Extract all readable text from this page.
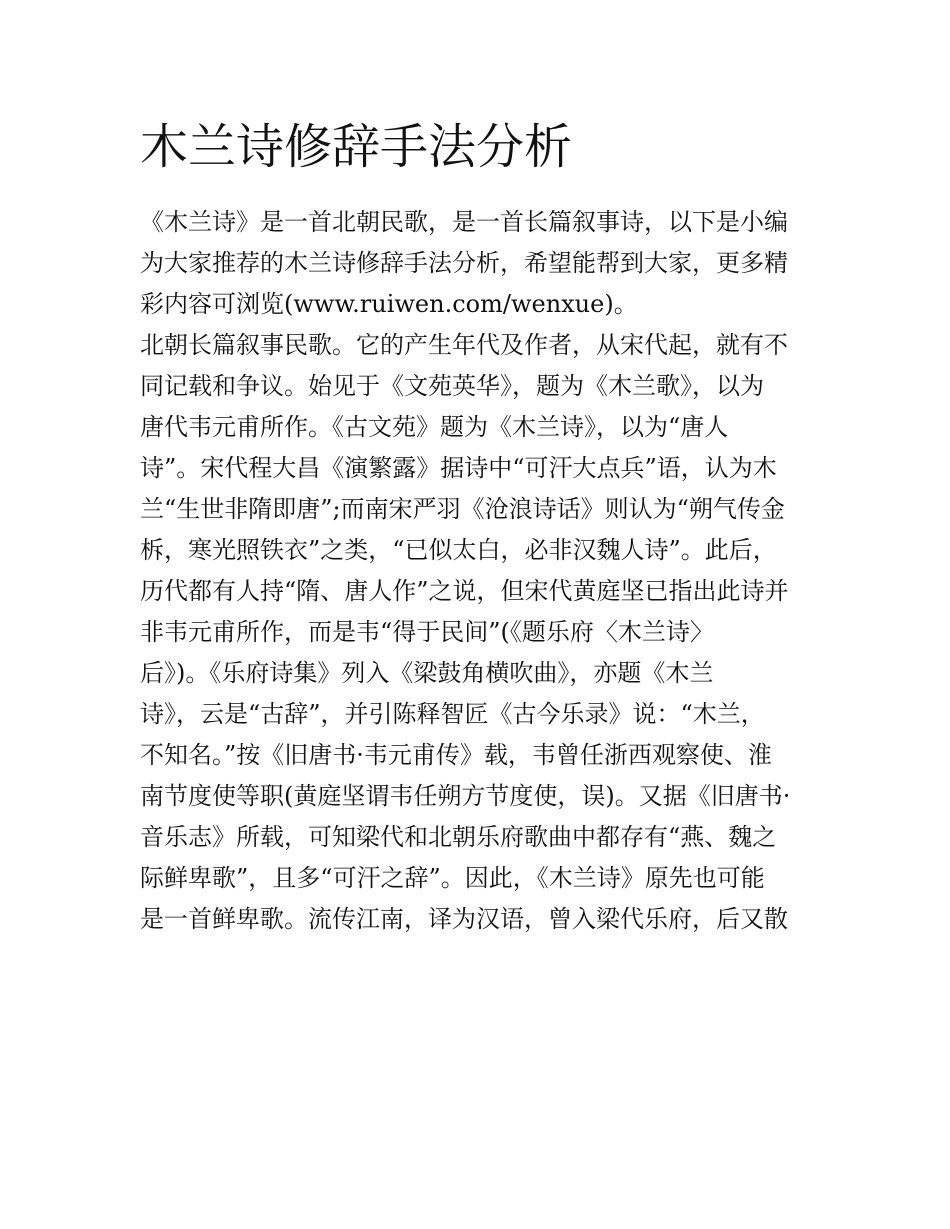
木兰诗修辞手法分析

《木兰诗》是一首北朝民歌，是一首长篇叙事诗，以下是小编
为大家推荐的木兰诗修辞手法分析，希望能帮到大家，更多精
彩内容可浏览(www.ruiwen.com/wenxue)。

北朝长篇叙事民歌。它的产生年代及作者，从宋代起，就有不
同记载和争议。始见于《文苑英华》，题为《木兰歌》，以为
唐代韦元甫所作。《古文苑》题为《木兰诗》，以为“唐人
诗”。宋代程大昌《演繁露》据诗中“可汗大点兵”语，认为木
兰“生世非隋即唐”;而南宋严羽《沧浪诗话》则认为“朔气传金
柝，寒光照铁衣”之类，“已似太白，必非汉魏人诗”。此后，
历代都有人持“隋、唐人作”之说，但宋代黄庭坚已指出此诗并
非韦元甫所作，而是韦“得于民间”(《题乐府〈木兰诗〉
后》)。《乐府诗集》列入《梁鼓角横吹曲》，亦题《木兰
诗》，云是“古辞”，并引陈释智匠《古今乐录》说：“木兰，
不知名。”按《旧唐书·韦元甫传》载，韦曾任浙西观察使、淮
南节度使等职(黄庭坚谓韦任朔方节度使，误)。又据《旧唐书·
音乐志》所载，可知梁代和北朝乐府歌曲中都存有“燕、魏之
际鲜卑歌”，且多“可汗之辞”。因此，《木兰诗》原先也可能
是一首鲜卑歌。流传江南，译为汉语，曾入梁代乐府，后又散
